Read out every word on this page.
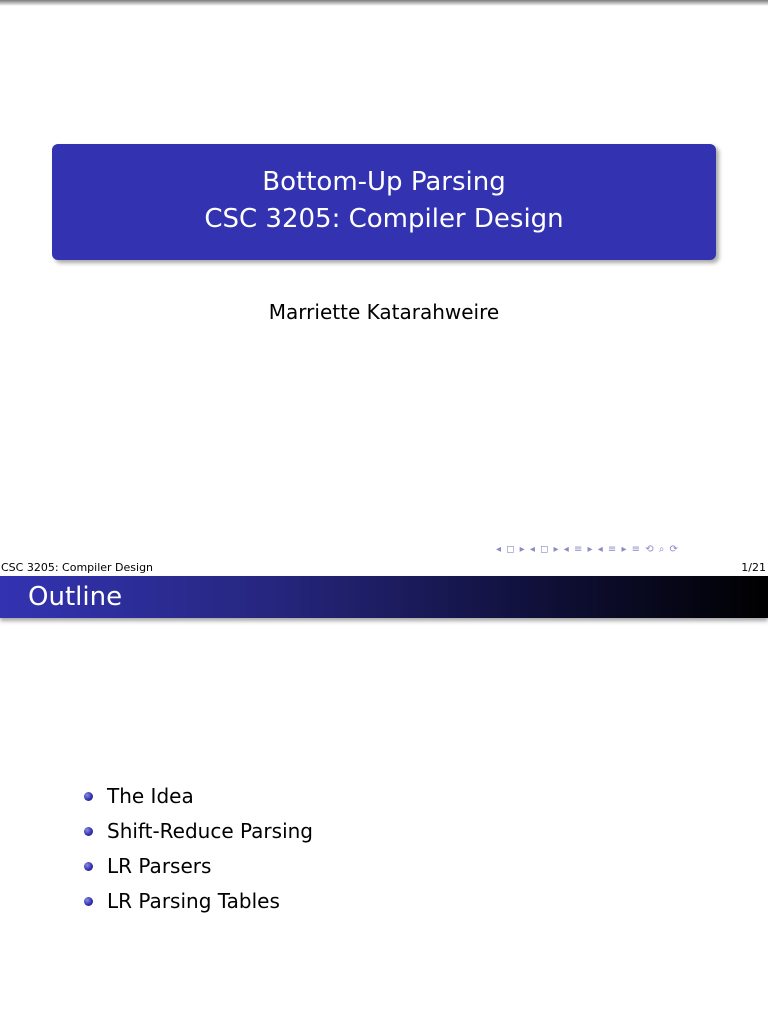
Bottom-Up Parsing
CSC 3205: Compiler Design
Marriette Katarahweire
◂ ◻ ▸ ◂ ◻ ▸ ◂ ≡ ▸ ◂ ≡ ▸ ≡ ⟲ ⌕ ⟳
CSC 3205: Compiler Design	1/21
Outline
The Idea
Shift-Reduce Parsing
LR Parsers
LR Parsing Tables
